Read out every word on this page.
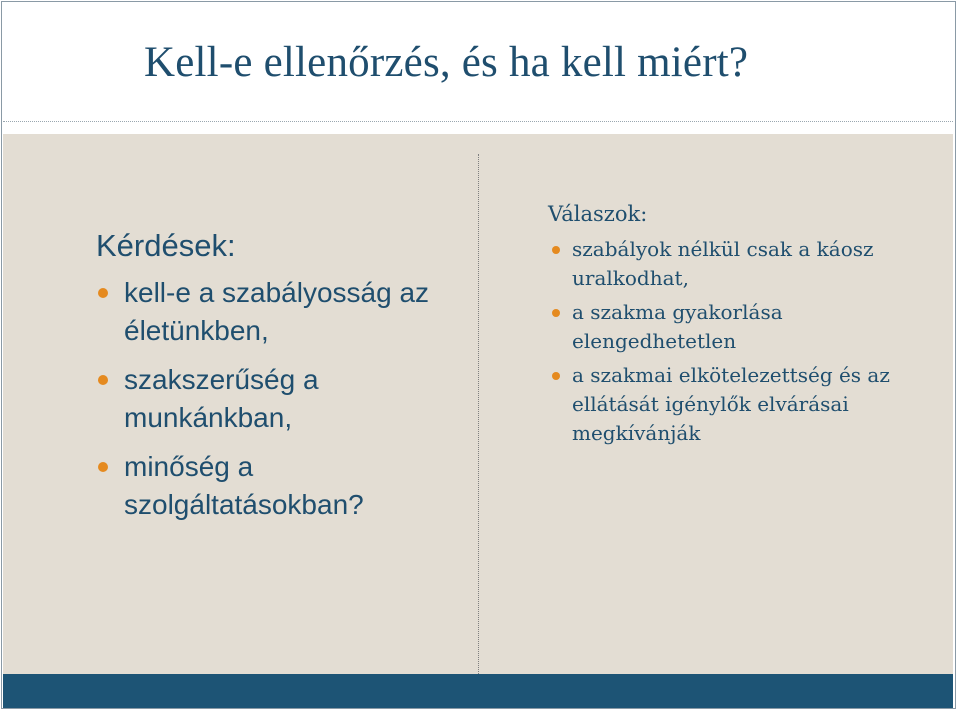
Kell-e ellenőrzés, és ha kell miért?
Kérdések:
kell-e a szabályosság az életünkben,
szakszerűség a munkánkban,
minőség a szolgáltatásokban?
Válaszok:
szabályok nélkül csak a káosz uralkodhat,
a szakma gyakorlása elengedhetetlen
a szakmai elkötelezettség és az ellátását igénylők elvárásai megkívánják
